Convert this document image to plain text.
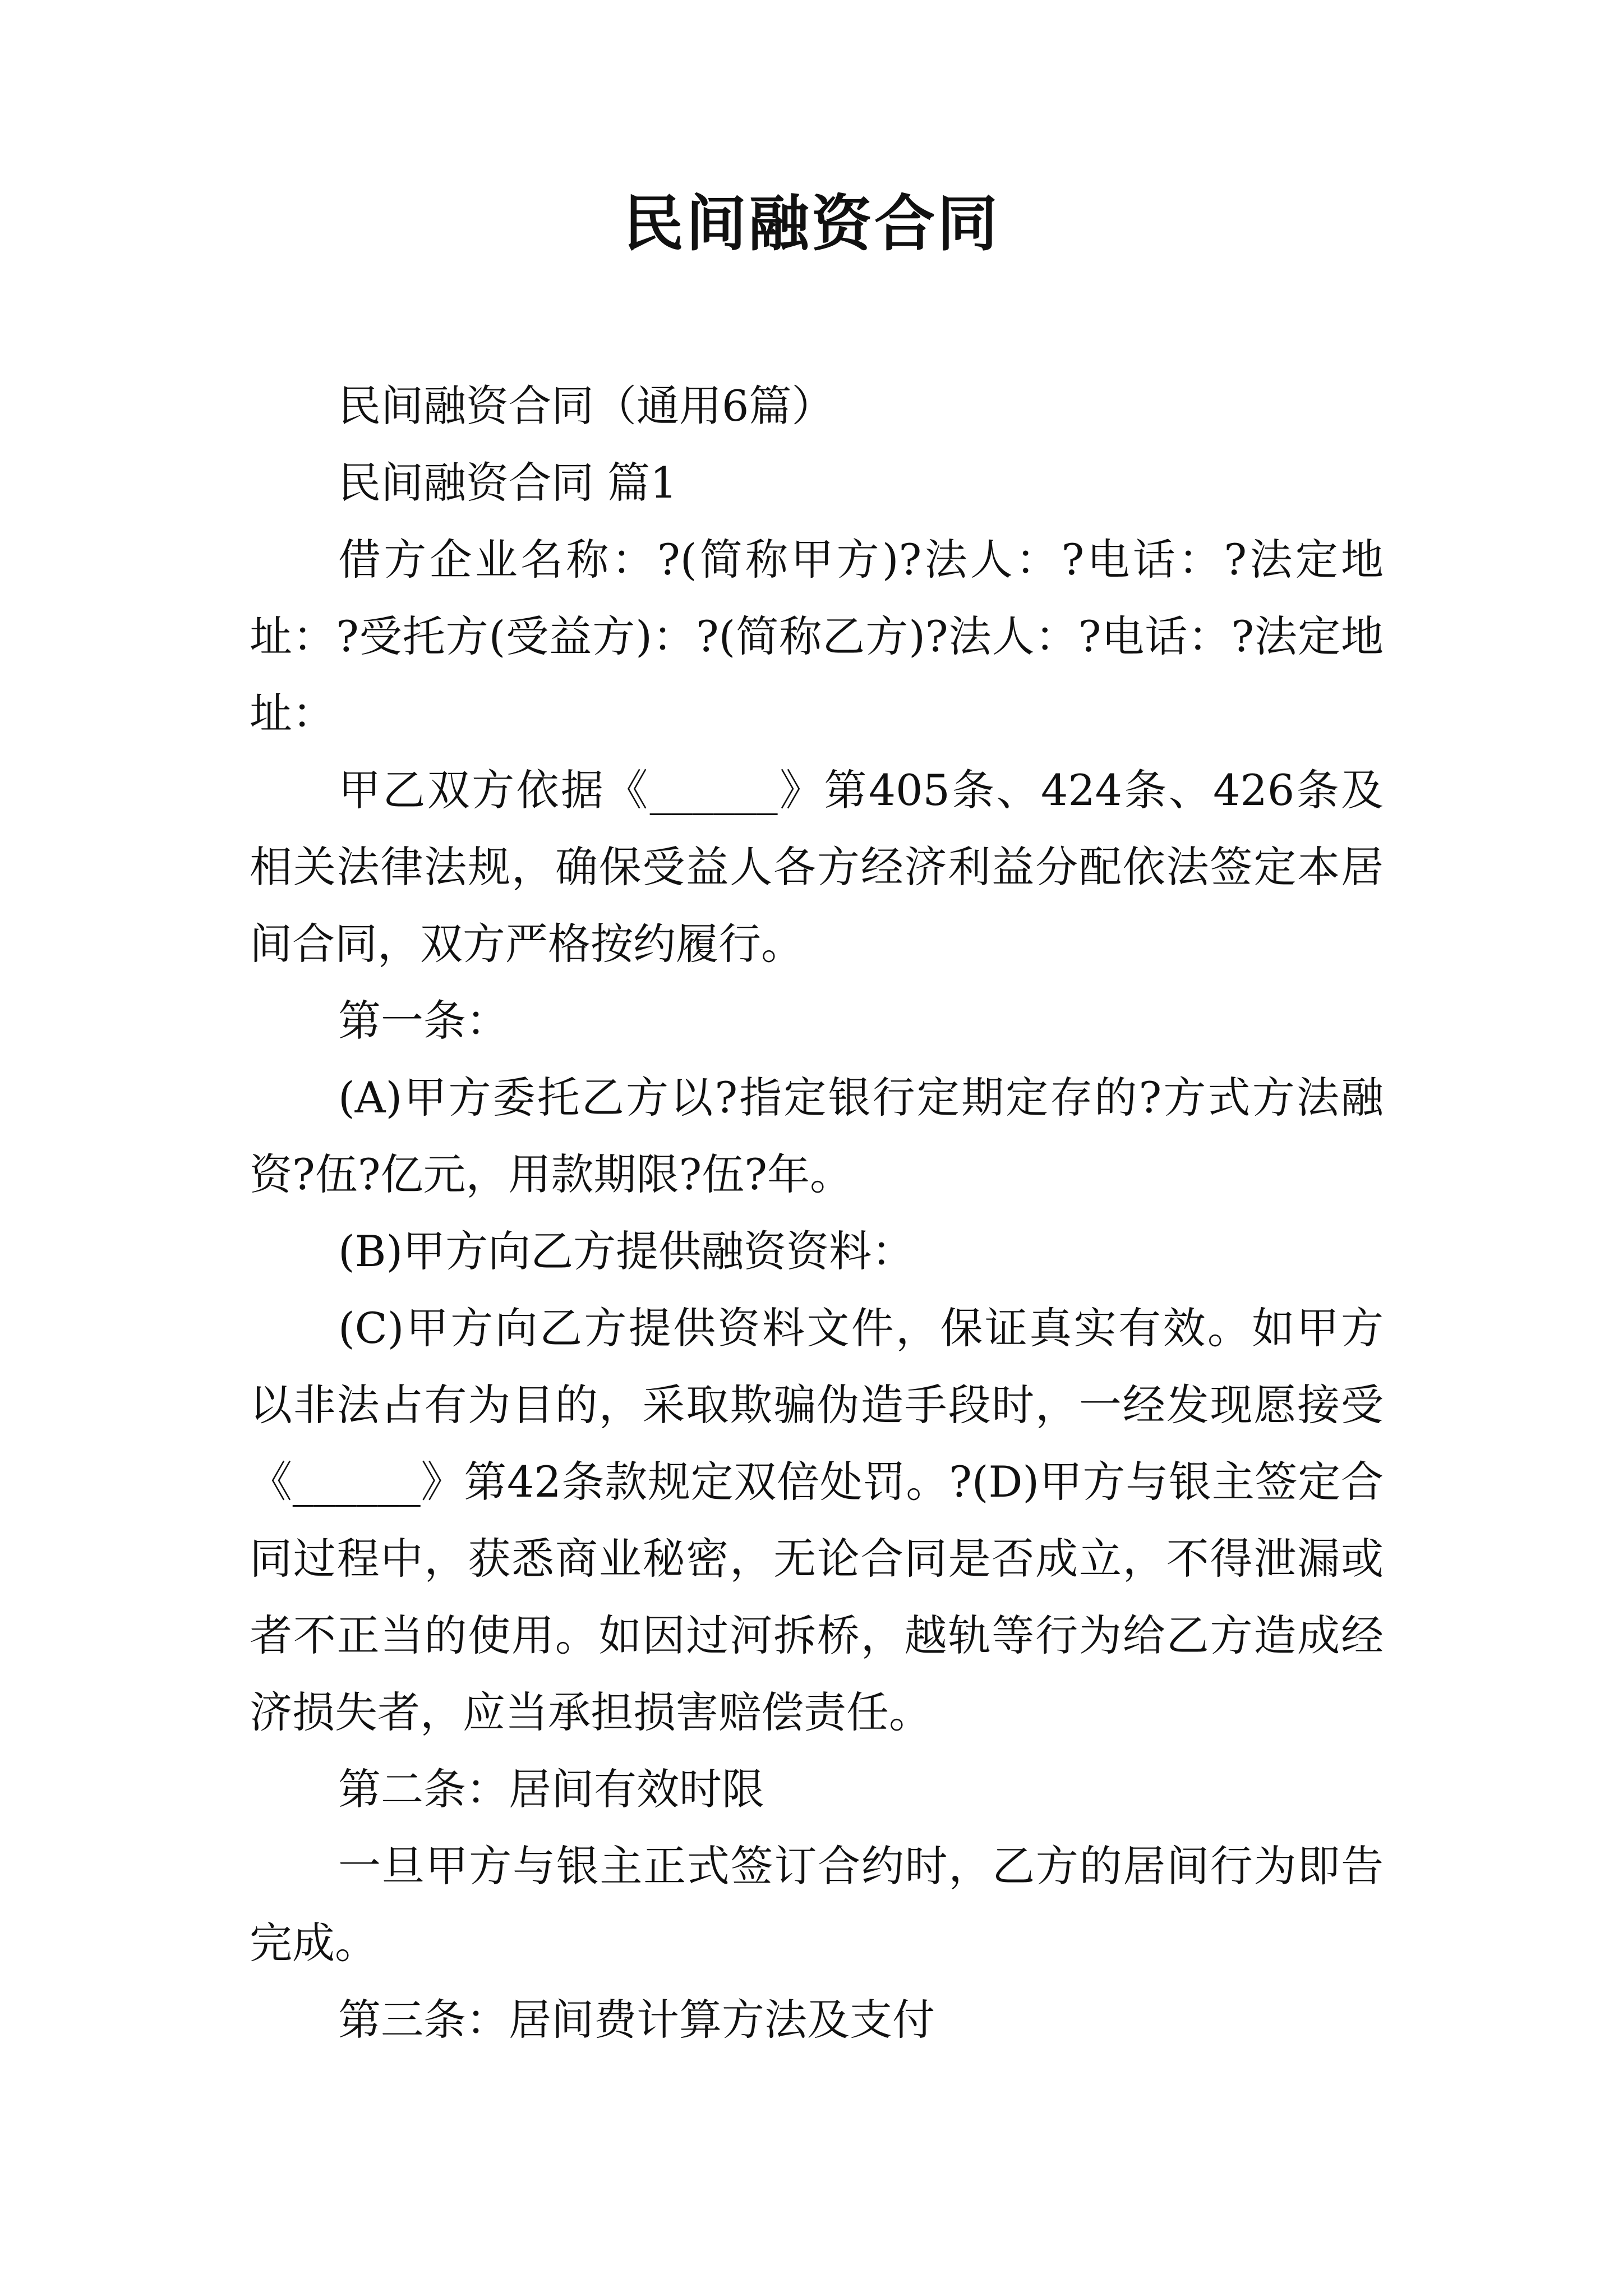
民间融资合同

民间融资合同（通用6篇）

民间融资合同 篇1

借方企业名称：?(简称甲方)?法人：?电话：?法定地址：?受托方(受益方)：?(简称乙方)?法人：?电话：?法定地址：

甲乙双方依据《______》第405条、424条、426条及相关法律法规，确保受益人各方经济利益分配依法签定本居间合同，双方严格按约履行。

第一条：

(A)甲方委托乙方以?指定银行定期定存的?方式方法融资?伍?亿元，用款期限?伍?年。

(B)甲方向乙方提供融资资料：

(C)甲方向乙方提供资料文件，保证真实有效。如甲方以非法占有为目的，采取欺骗伪造手段时，一经发现愿接受《______》第42条款规定双倍处罚。?(D)甲方与银主签定合同过程中，获悉商业秘密，无论合同是否成立，不得泄漏或者不正当的使用。如因过河拆桥，越轨等行为给乙方造成经济损失者，应当承担损害赔偿责任。

第二条：居间有效时限

一旦甲方与银主正式签订合约时，乙方的居间行为即告完成。

第三条：居间费计算方法及支付
